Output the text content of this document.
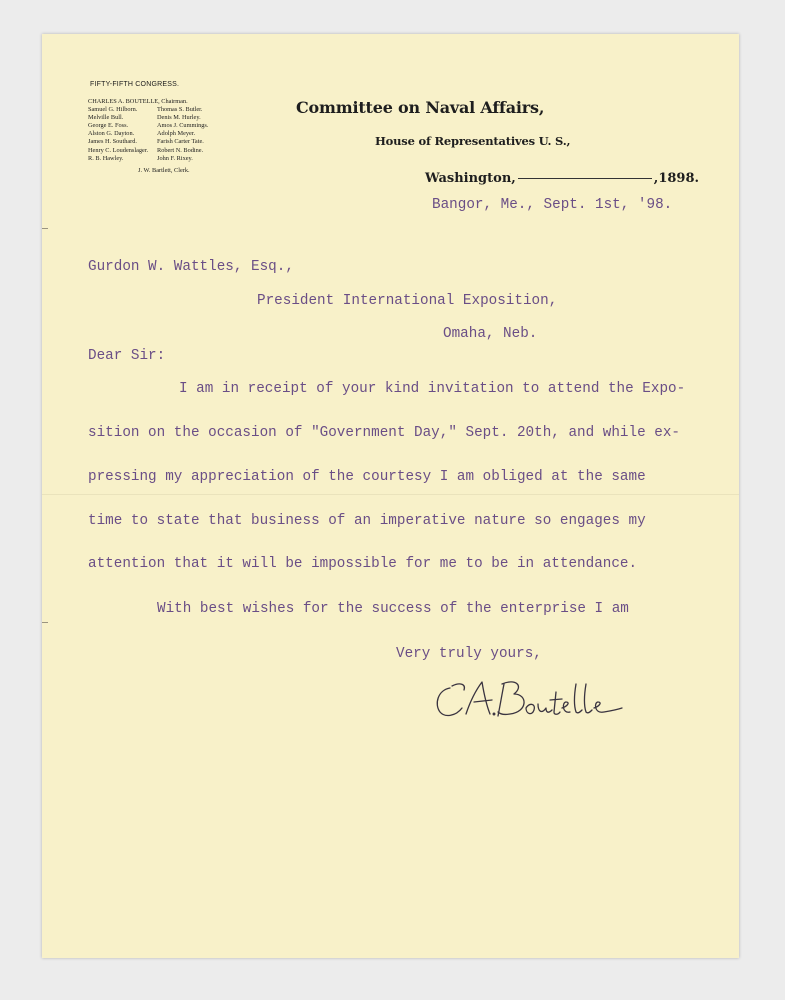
FIFTY-FIFTH CONGRESS.
CHARLES A. BOUTELLE, Chairman.
Samuel G. Hilborn.	Thomas S. Butler.
Melville Bull.	Denis M. Hurley.
George E. Foss.	Amos J. Cummings.
Alston G. Dayton.	Adolph Meyer.
James H. Southard.	Farish Carter Tate.
Henry C. Loudenslager. Robert N. Bodine.
R. B. Hawley.	John F. Rixey.
J. W. Bartlett, Clerk.
Committee on Naval Affairs,
House of Representatives U. S.,
Washington,	,1898.
Bangor, Me., Sept. 1st, '98.
Gurdon W. Wattles, Esq.,
President International Exposition,
Omaha, Neb.
Dear Sir:
I am in receipt of your kind invitation to attend the Expo-
sition on the occasion of "Government Day," Sept. 20th, and while ex-
pressing my appreciation of the courtesy I am obliged at the same
time to state that business of an imperative nature so engages my
attention that it will be impossible for me to be in attendance.
With best wishes for the success of the enterprise I am
Very truly yours,
